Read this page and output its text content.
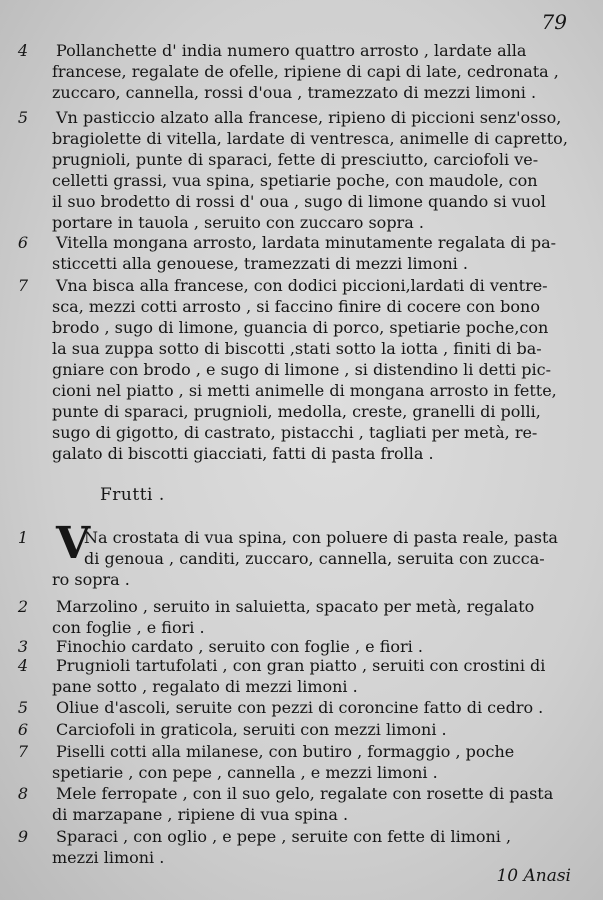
79
4	Pollanchette d' india numero quattro arrosto , lardate alla
francese, regalate de ofelle, ripiene di capi di late, cedronata ,
zuccaro, cannella, rossi d'oua , tramezzato di mezzi limoni .
5	Vn pasticcio alzato alla francese, ripieno di piccioni senz'osso,
bragiolette di vitella, lardate di ventresca, animelle di capretto,
prugnioli, punte di sparaci, fette di presciutto, carciofoli ve-
celletti grassi, vua spina, spetiarie poche, con maudole, con
il suo brodetto di rossi d' oua , sugo di limone quando si vuol
portare in tauola , seruito con zuccaro sopra .
6	Vitella mongana arrosto, lardata minutamente regalata di pa-
sticcetti alla genouese, tramezzati di mezzi limoni .
7	Vna bisca alla francese, con dodici piccioni,lardati di ventre-
sca, mezzi cotti arrosto , si faccino finire di cocere con bono
brodo , sugo di limone, guancia di porco, spetiarie poche,con
la sua zuppa sotto di biscotti ,stati sotto la iotta , finiti di ba-
gniare con brodo , e sugo di limone , si distendino li detti pic-
cioni nel piatto , si metti animelle di mongana arrosto in fette,
punte di sparaci, prugnioli, medolla, creste, granelli di polli,
sugo di gigotto, di castrato, pistacchi , tagliati per metà, re-
galato di biscotti giacciati, fatti di pasta frolla .
Frutti .
1 V
Na crostata di vua spina, con poluere di pasta reale, pasta
di genoua , canditi, zuccaro, cannella, seruita con zucca-
ro sopra .
2	Marzolino , seruito in saluietta, spacato per metà, regalato
con foglie , e fiori .
3	Finochio cardato , seruito con foglie , e fiori .
4	Prugnioli tartufolati , con gran piatto , seruiti con crostini di
pane sotto , regalato di mezzi limoni .
5	Oliue d'ascoli, seruite con pezzi di coroncine fatto di cedro .
6	Carciofoli in graticola, seruiti con mezzi limoni .
7	Piselli cotti alla milanese, con butiro , formaggio , poche
spetiarie , con pepe , cannella , e mezzi limoni .
8	Mele ferropate , con il suo gelo, regalate con rosette di pasta
di marzapane , ripiene di vua spina .
9	Sparaci , con oglio , e pepe , seruite con fette di limoni ,
mezzi limoni .
10 Anasi
